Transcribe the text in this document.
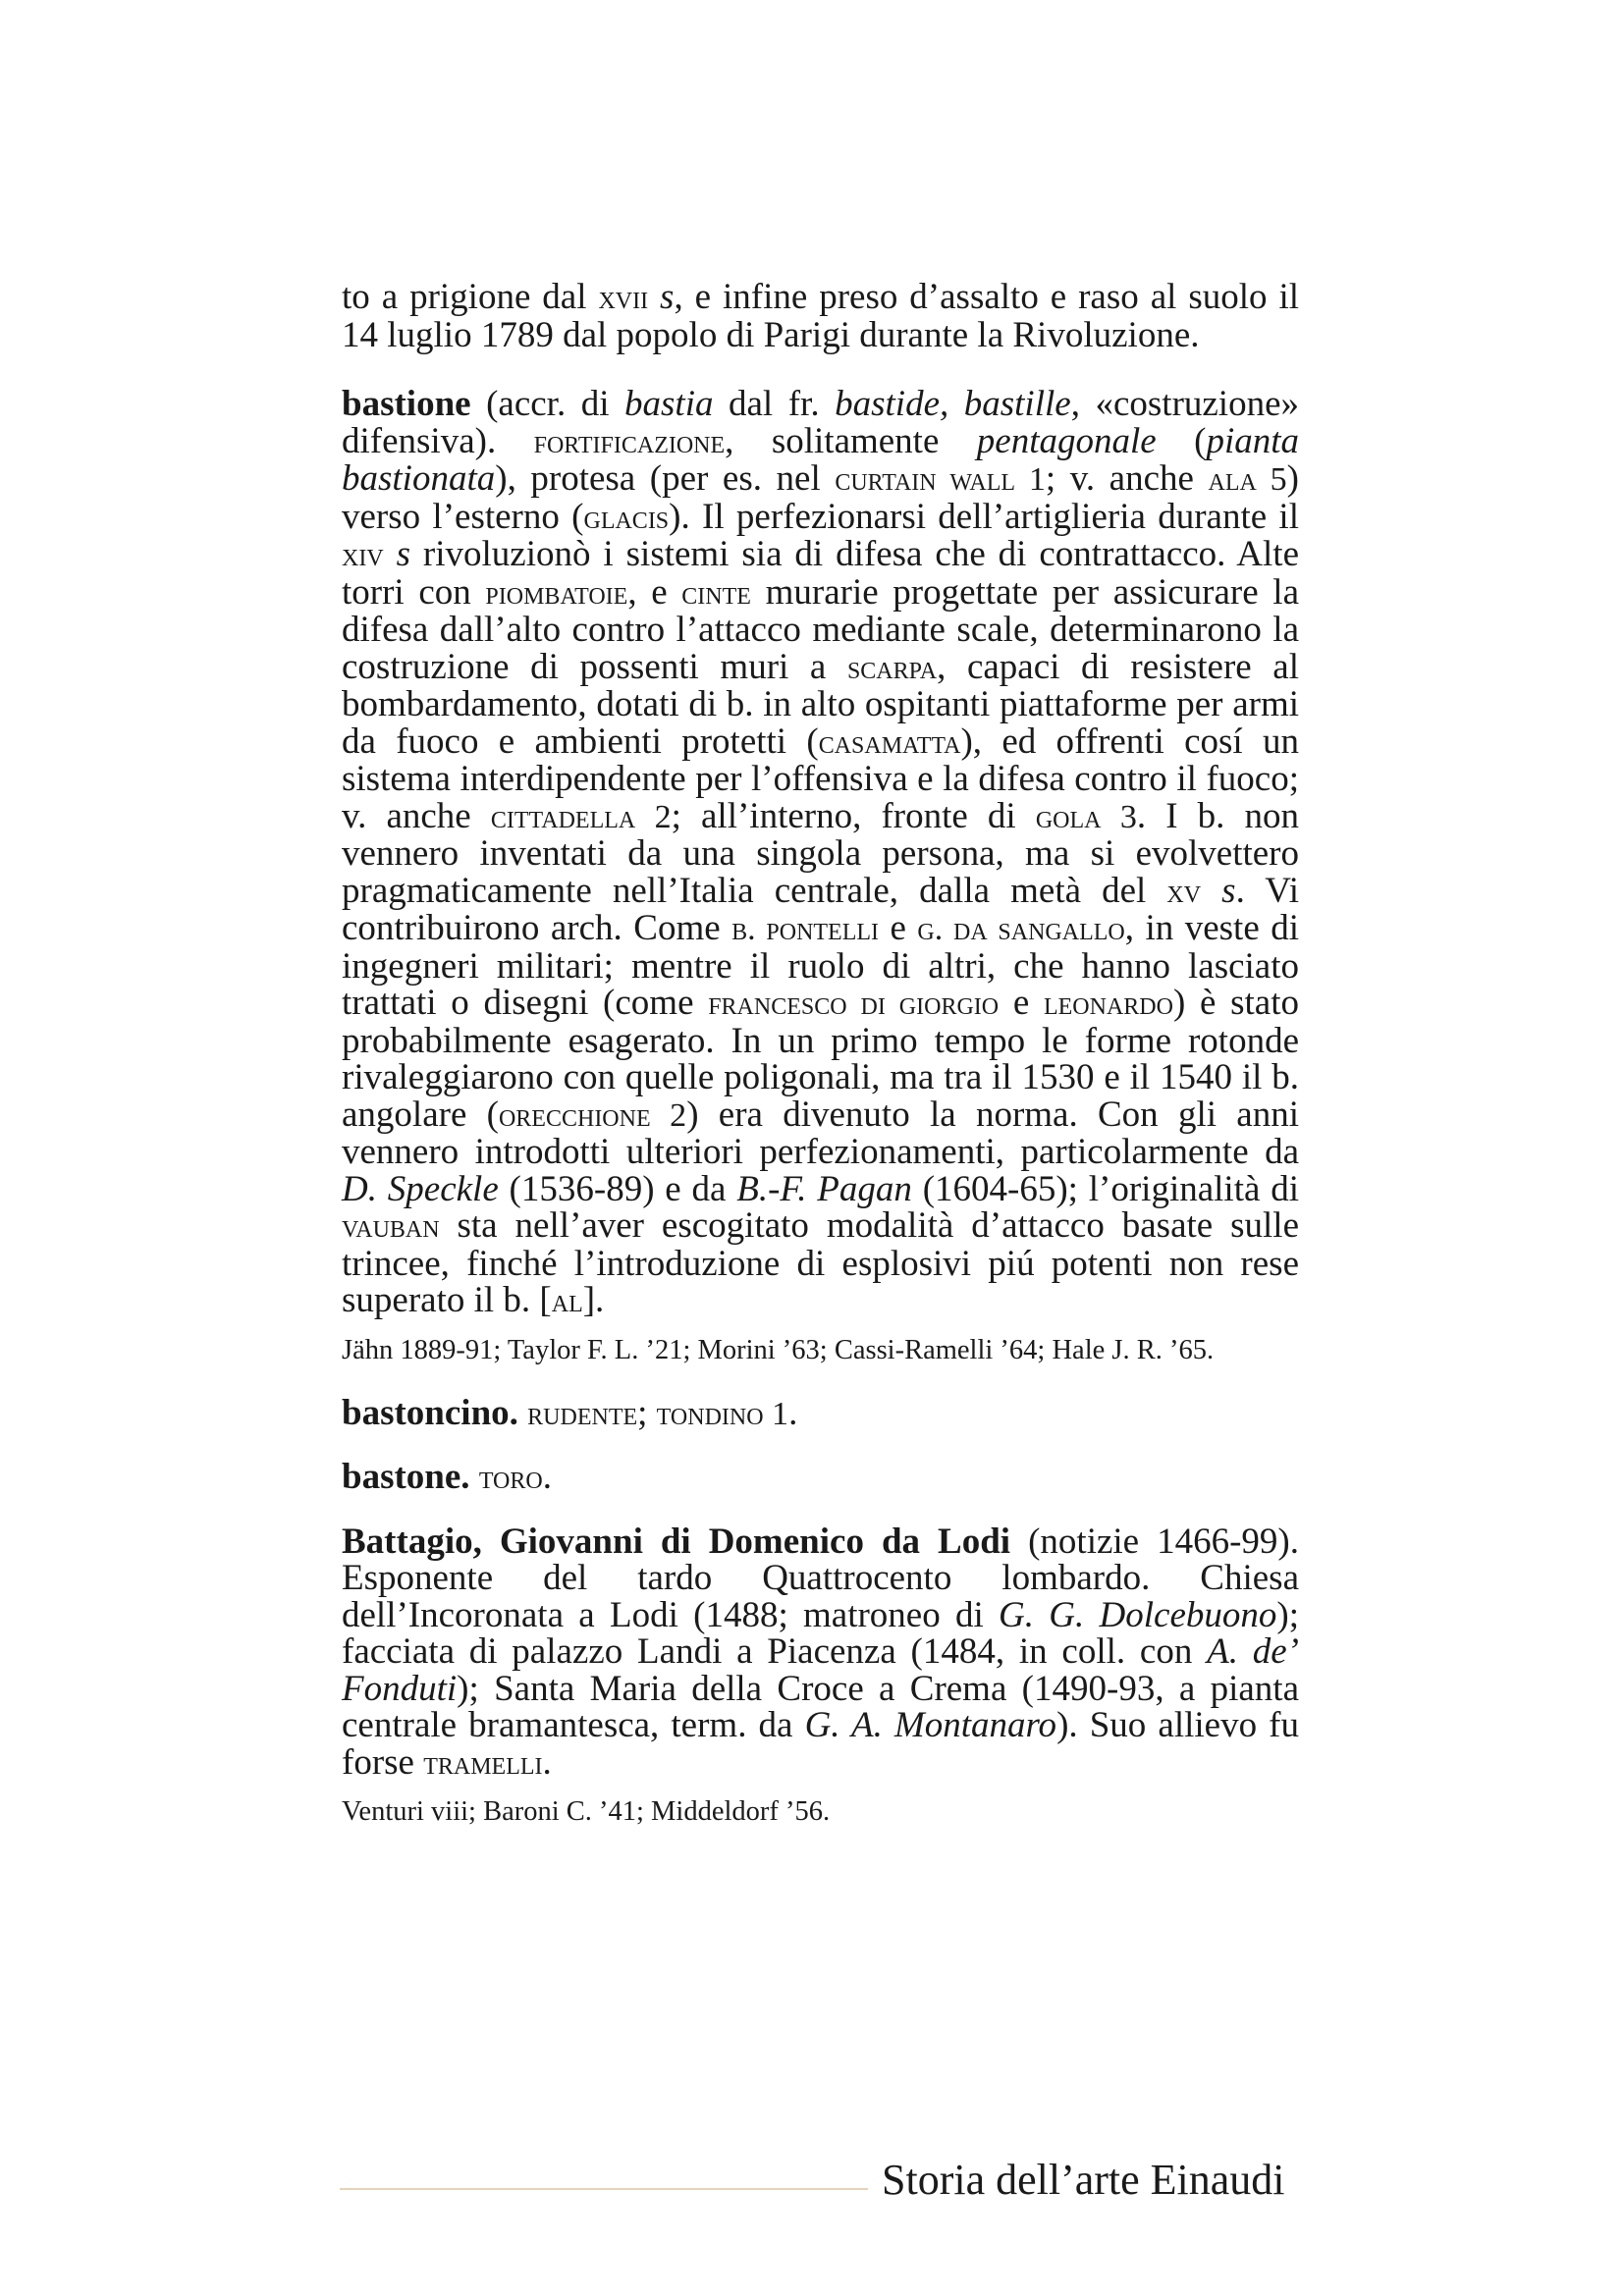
to a prigione dal xvii s, e infine preso d’assalto e raso al suolo il 14 luglio 1789 dal popolo di Parigi durante la Rivoluzione.

bastione (accr. di bastia dal fr. bastide, bastille, «costruzione» difensiva). fortificazione, solitamente pentagonale (pianta bastionata), protesa (per es. nel curtain wall 1; v. anche ala 5) verso l’esterno (glacis). Il perfezionarsi dell’artiglieria durante il xiv s rivoluzionò i sistemi sia di difesa che di contrattacco. Alte torri con piombatoie, e cinte murarie progettate per assicurare la difesa dall’alto contro l’attacco mediante scale, determinarono la costruzione di possenti muri a scarpa, capaci di resistere al bombardamento, dotati di b. in alto ospitanti piattaforme per armi da fuoco e ambienti protetti (casamatta), ed offrenti cosí un sistema interdipendente per l’offensiva e la difesa contro il fuoco; v. anche cittadella 2; all’interno, fronte di gola 3. I b. non vennero inventati da una singola persona, ma si evolvettero pragmaticamente nell’Italia centrale, dalla metà del xv s. Vi contribuirono arch. Come b. pontelli e g. da sangallo, in veste di ingegneri militari; mentre il ruolo di altri, che hanno lasciato trattati o disegni (come francesco di giorgio e leonardo) è stato probabilmente esagerato. In un primo tempo le forme rotonde rivaleggiarono con quelle poligonali, ma tra il 1530 e il 1540 il b. angolare (orecchione 2) era divenuto la norma. Con gli anni vennero introdotti ulteriori perfezionamenti, particolarmente da D. Speckle (1536-89) e da B.-F. Pagan (1604-65); l’originalità di vauban sta nell’aver escogitato modalità d’attacco basate sulle trincee, finché l’introduzione di esplosivi piú potenti non rese superato il b. [al].

Jähn 1889-91; Taylor F. L. ’21; Morini ’63; Cassi-Ramelli ’64; Hale J. R. ’65.

bastoncino. rudente; tondino 1.

bastone. toro.

Battagio, Giovanni di Domenico da Lodi (notizie 1466-99). Esponente del tardo Quattrocento lombardo. Chiesa dell’Incoronata a Lodi (1488; matroneo di G. G. Dolcebuono); facciata di palazzo Landi a Piacenza (1484, in coll. con A. de’ Fonduti); Santa Maria della Croce a Crema (1490-93, a pianta centrale bramantesca, term. da G. A. Montanaro). Suo allievo fu forse tramelli.

Venturi viii; Baroni C. ’41; Middeldorf ’56.

Storia dell’arte Einaudi
